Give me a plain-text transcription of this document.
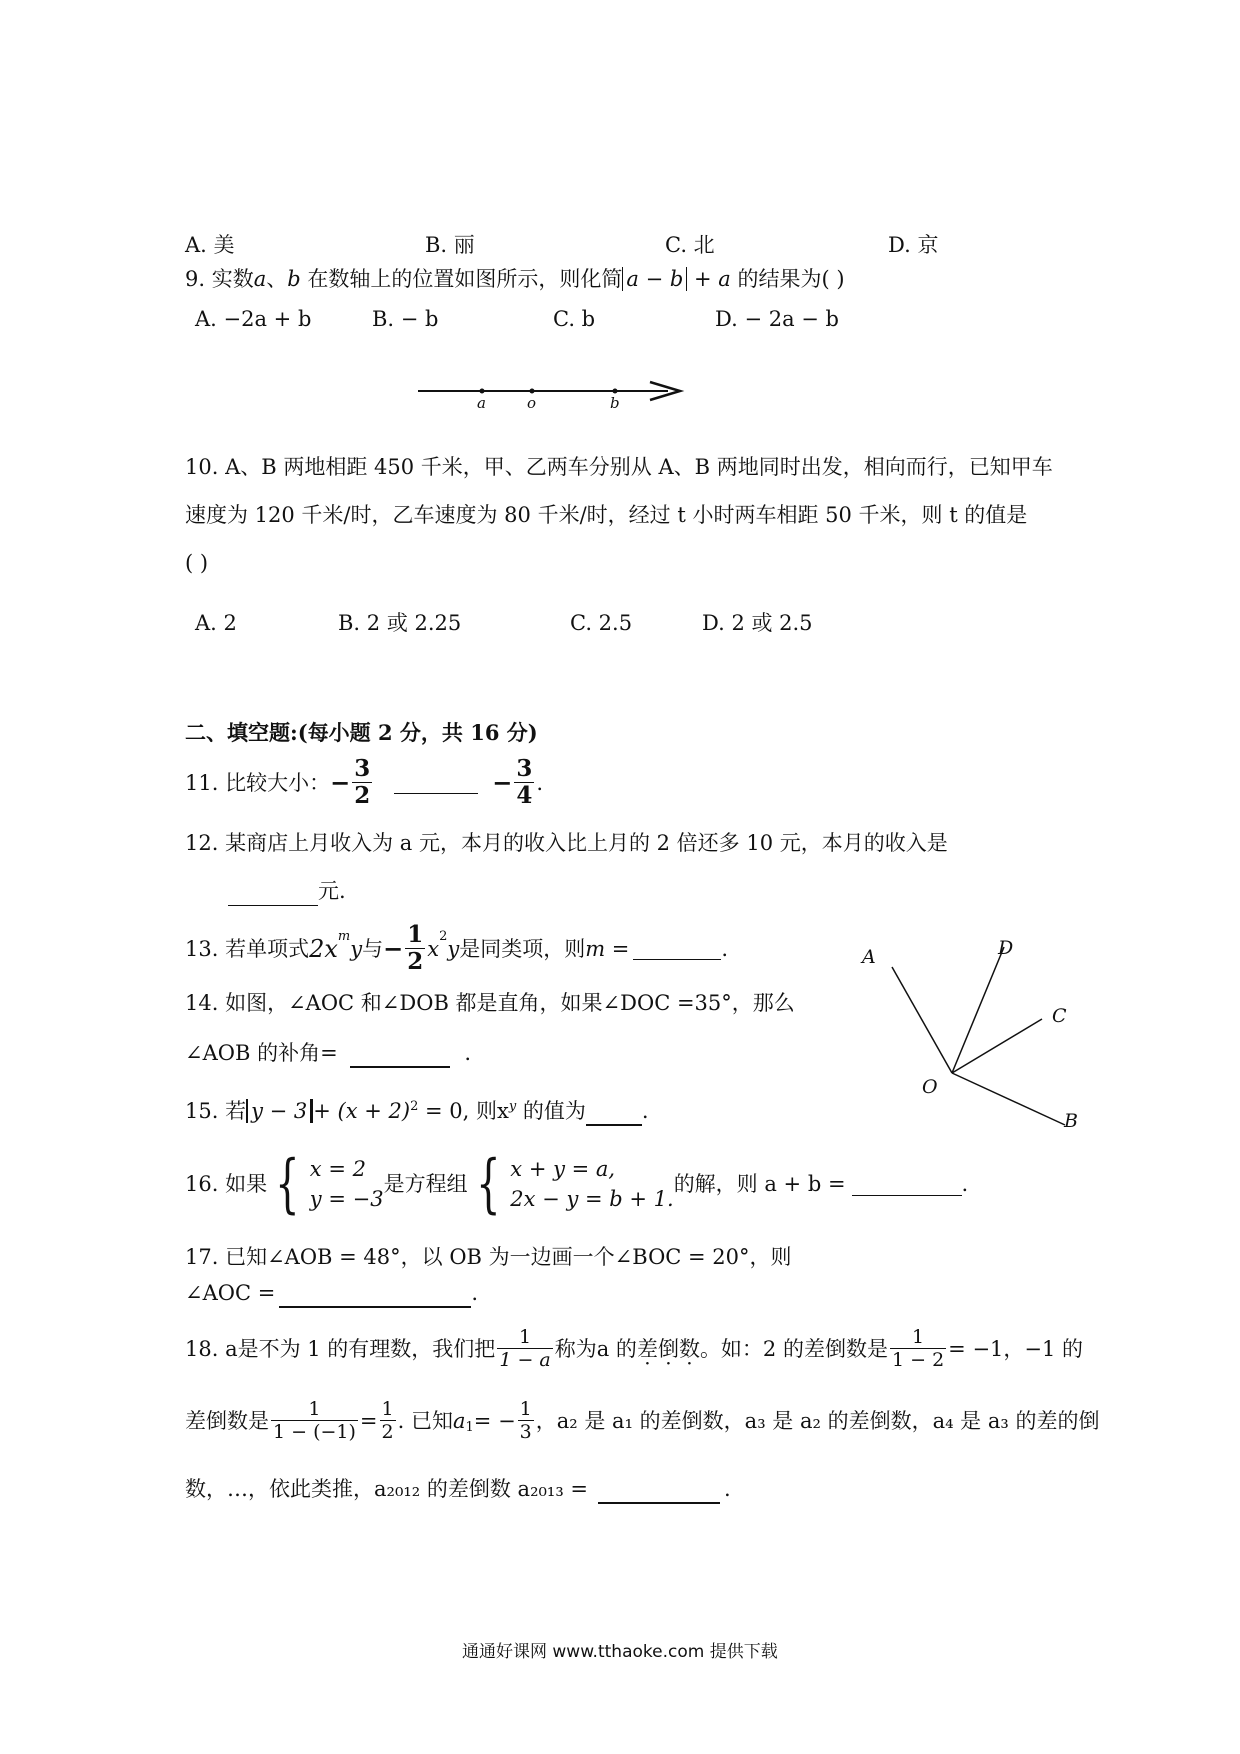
A. 美	B. 丽	C. 北	D. 京
9. 实数a、b 在数轴上的位置如图所示，则化简 a − b + a 的结果为( )
A. −2a + b	B. − b	C. b	D. − 2a − b
a	o	b
10. A、B 两地相距 450 千米，甲、乙两车分别从 A、B 两地同时出发，相向而行，已知甲车
速度为 120 千米/时，乙车速度为 80 千米/时，经过 t 小时两车相距 50 千米，则 t 的值是
( )
A. 2	B. 2 或 2.25	C. 2.5	D. 2 或 2.5
二、填空题:(每小题 2 分，共 16 分)
11. 比较大小： − $\frac{3}{2}$	− $\frac{3}{4}$ .
12. 某商店上月收入为 a 元，本月的收入比上月的 2 倍还多 10 元，本月的收入是
元.
13. 若单项式 $2x^m$ y 与 − $\frac{1}{2} x^2$ y 是同类项，则 m =	.
14. 如图，∠AOC 和∠DOB 都是直角，如果∠DOC =35°，那么
∠AOB 的补角=	.
A	D
C
O
B
15. 若 $y - 3 + (x + 2)^2 = 0$, 则$x^y$ 的值为	.
16. 如果 { x = 2
y = −3
是方程组 { x + y = a,
2x − y = b + 1.
的解，则 a + b =	.
17. 已知∠AOB = 48°，以 OB 为一边画一个∠BOC = 20°，则
∠AOC =	.
18. a是不为 1 的有理数，我们把 $\frac{1}{1 - a}$ 称为a 的 差 · 倒 · 数 · 。如：2 的差倒数是 $\frac{1}{1 - 2} = -1$，−1 的
差倒数是 $\frac{1}{1 - (-1)} = \frac{1}{2}$ . 已知 $a_1$ = − $\frac{1}{3}$ ，a₂ 是 a₁ 的差倒数，a₃ 是 a₂ 的差倒数，a₄ 是 a₃ 的差的倒
数，…，依此类推，a₂₀₁₂ 的差倒数 a₂₀₁₃ =	.
通通好课网 www.tthaoke.com 提供下载
